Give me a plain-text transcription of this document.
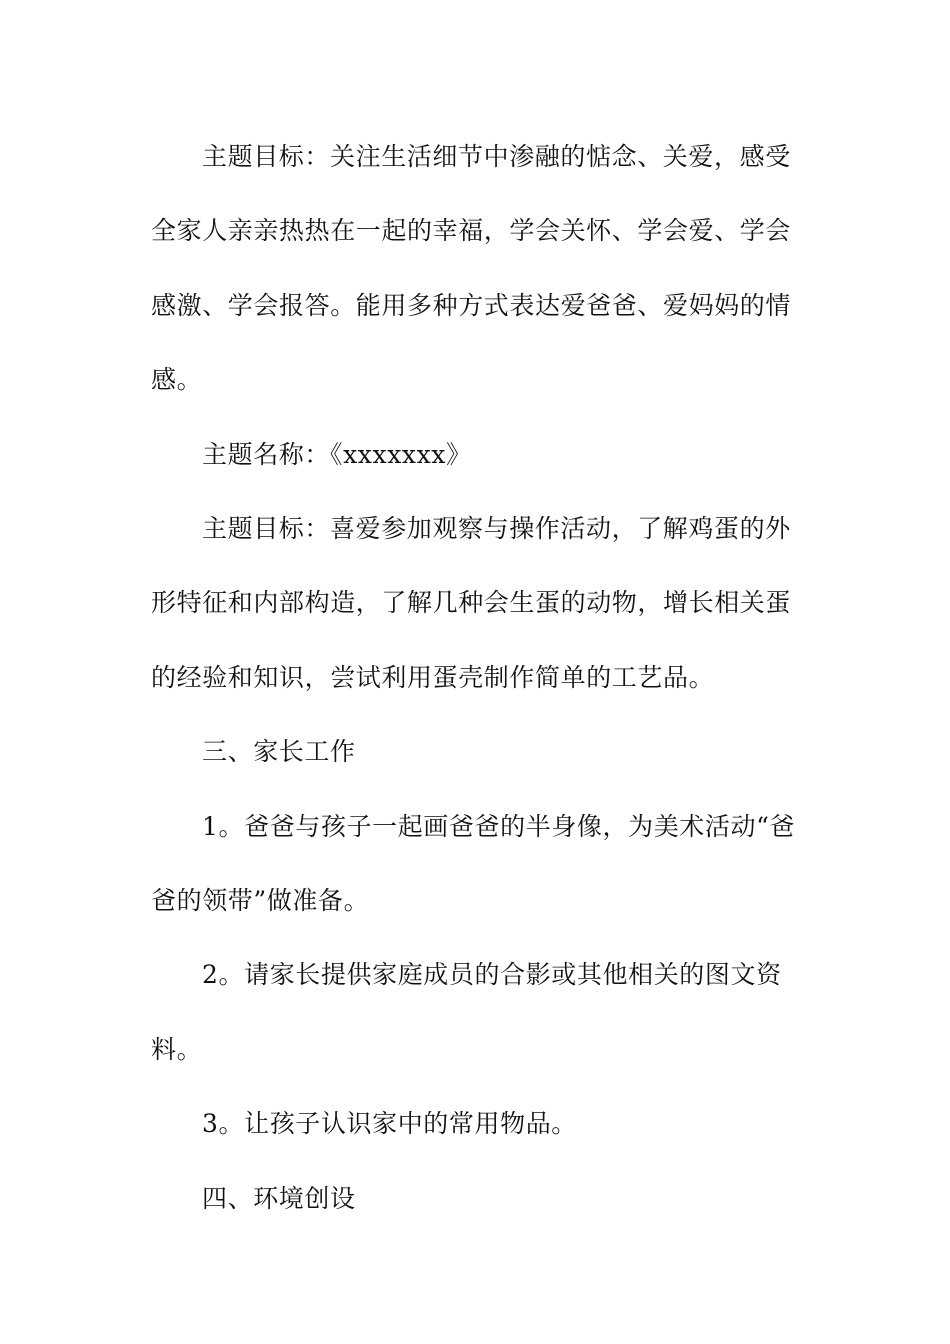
主题目标：关注生活细节中渗融的惦念、关爱，感受全家人亲亲热热在一起的幸福，学会关怀、学会爱、学会感激、学会报答。能用多种方式表达爱爸爸、爱妈妈的情感。

主题名称：《xxxxxxx》

主题目标：喜爱参加观察与操作活动，了解鸡蛋的外形特征和内部构造，了解几种会生蛋的动物，增长相关蛋的经验和知识，尝试利用蛋壳制作简单的工艺品。

三、家长工作

1。爸爸与孩子一起画爸爸的半身像，为美术活动“爸爸的领带”做准备。

2。请家长提供家庭成员的合影或其他相关的图文资料。

3。让孩子认识家中的常用物品。

四、环境创设
